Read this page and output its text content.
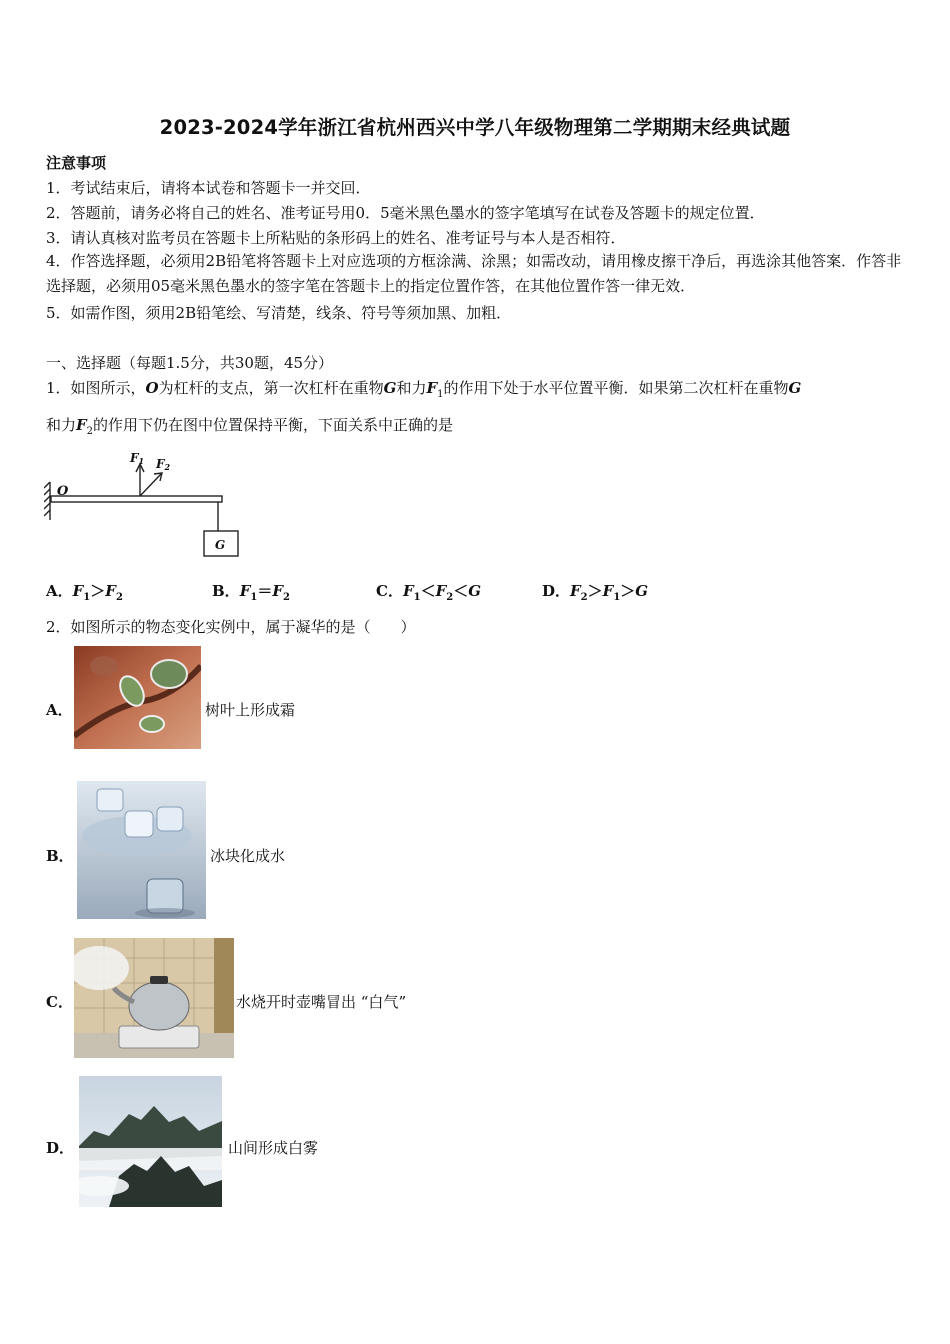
2023-2024学年浙江省杭州西兴中学八年级物理第二学期期末经典试题
注意事项
1．考试结束后，请将本试卷和答题卡一并交回．
2．答题前，请务必将自己的姓名、准考证号用0．5毫米黑色墨水的签字笔填写在试卷及答题卡的规定位置．
3．请认真核对监考员在答题卡上所粘贴的条形码上的姓名、准考证号与本人是否相符．
4．作答选择题，必须用2B铅笔将答题卡上对应选项的方框涂满、涂黑；如需改动，请用橡皮擦干净后，再选涂其他答案．作答非选择题，必须用05毫米黑色墨水的签字笔在答题卡上的指定位置作答，在其他位置作答一律无效．
5．如需作图，须用2B铅笔绘、写清楚，线条、符号等须加黑、加粗．
一、选择题（每题1.5分，共30题，45分）
1．如图所示，O为杠杆的支点，第一次杠杆在重物G和力$F_1$的作用下处于水平位置平衡．如果第二次杠杆在重物G
和力$F_2$的作用下仍在图中位置保持平衡，下面关系中正确的是
O
F1 F2
G
A．$F_1>F_2$	B．$F_1=F_2$	C．$F_1<F_2<G$	D．$F_2>F_1>G$
2．如图所示的物态变化实例中，属于凝华的是（　　）
A．	树叶上形成霜
B．	冰块化成水
C．	水烧开时壶嘴冒出 “白气”
D．	山间形成白雾
